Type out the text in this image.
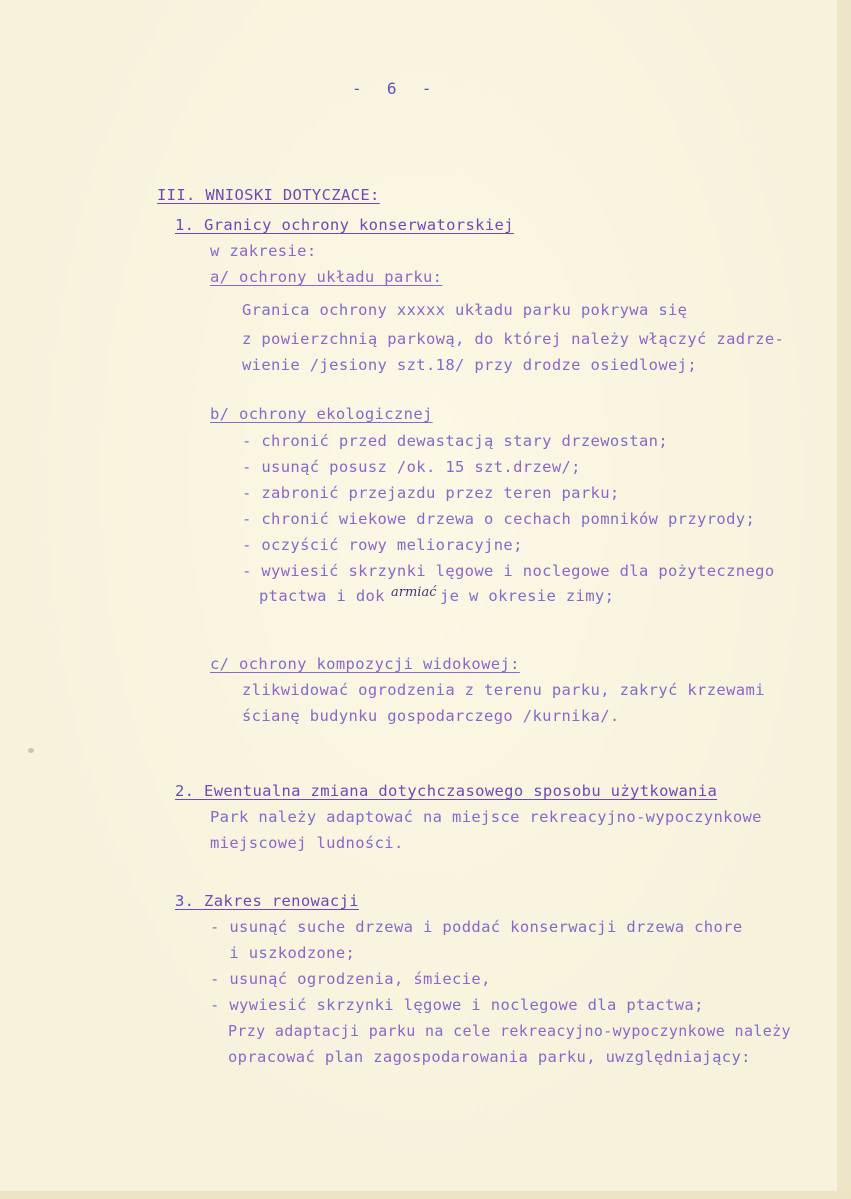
-  6  -
III. WNIOSKI DOTYCZACE:
1. Granicy ochrony konserwatorskiej
w zakresie:
a/ ochrony układu parku:
Granica ochrony xxxxx układu parku pokrywa się
z powierzchnią parkową, do której należy włączyć zadrze-
wienie /jesiony szt.18/ przy drodze osiedlowej;
b/ ochrony ekologicznej
- chronić przed dewastacją stary drzewostan;
- usunąć posusz /ok. 15 szt.drzew/;
- zabronić przejazdu przez teren parku;
- chronić wiekowe drzewa o cechach pomników przyrody;
- oczyścić rowy melioracyjne;
- wywiesić skrzynki lęgowe i noclegowe dla pożytecznego
ptactwa i dok armiać je w okresie zimy;
c/ ochrony kompozycji widokowej:
zlikwidować ogrodzenia z terenu parku, zakryć krzewami
ścianę budynku gospodarczego /kurnika/.
2. Ewentualna zmiana dotychczasowego sposobu użytkowania
Park należy adaptować na miejsce rekreacyjno-wypoczynkowe
miejscowej ludności.
3. Zakres renowacji
- usunąć suche drzewa i poddać konserwacji drzewa chore
i uszkodzone;
- usunąć ogrodzenia, śmiecie,
- wywiesić skrzynki lęgowe i noclegowe dla ptactwa;
Przy adaptacji parku na cele rekreacyjno-wypoczynkowe należy
opracować plan zagospodarowania parku, uwzględniający:
